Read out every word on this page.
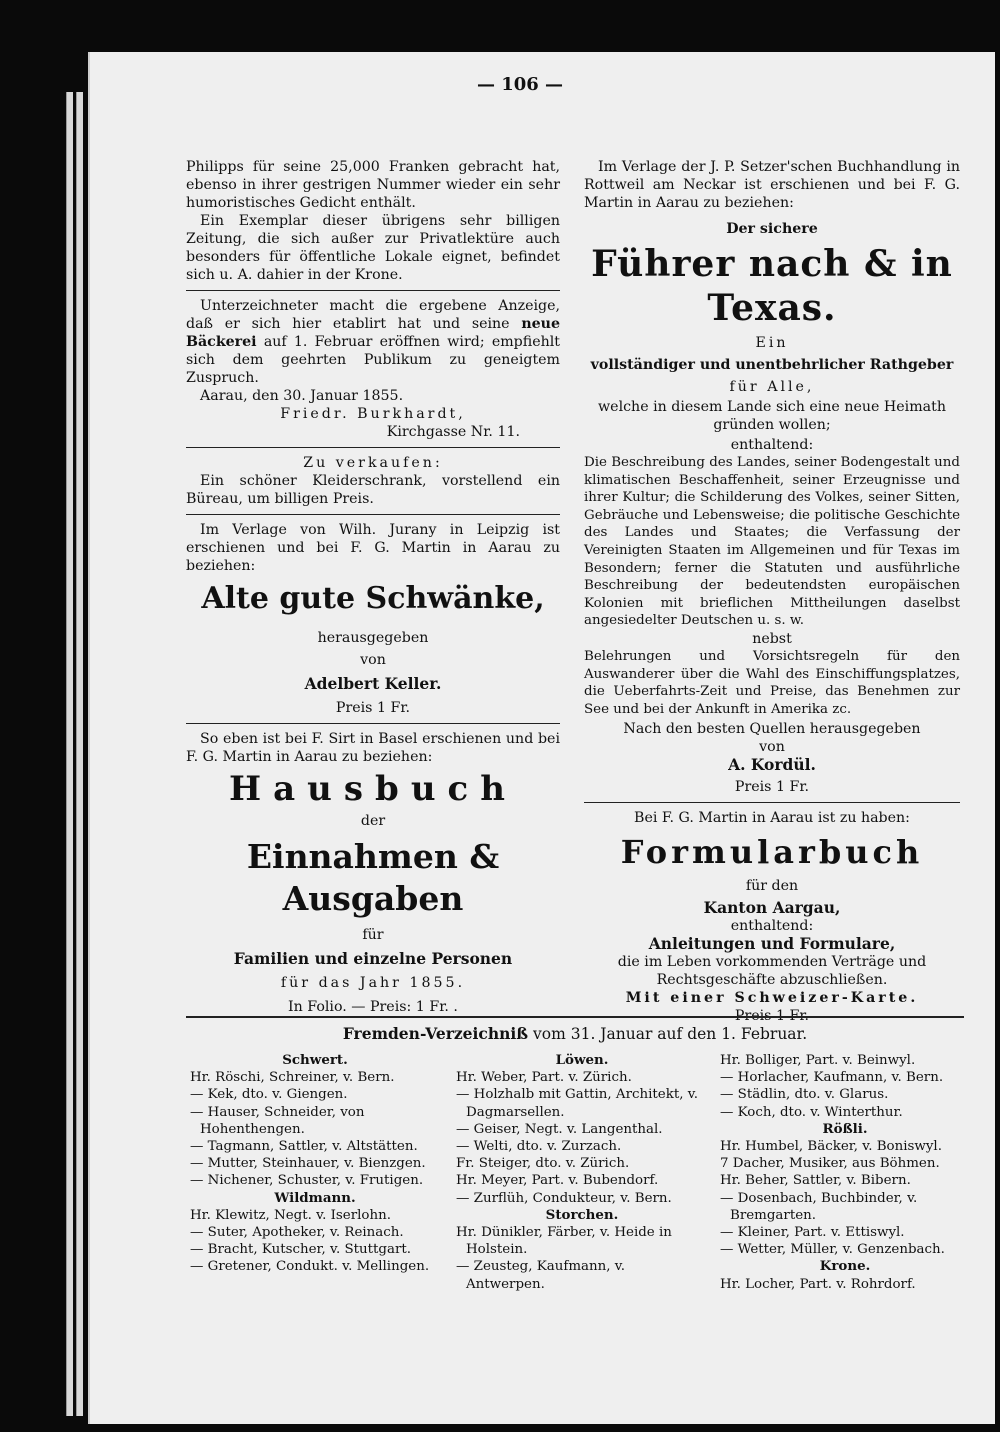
— 106 —

Philipps für seine 25,000 Franken gebracht hat, ebenso in ihrer gestrigen Nummer wieder ein sehr humoristisches Gedicht enthält.

Ein Exemplar dieser übrigens sehr billigen Zeitung, die sich außer zur Privatlektüre auch besonders für öffentliche Lokale eignet, befindet sich u. A. dahier in der Krone.

Unterzeichneter macht die ergebene Anzeige, daß er sich hier etablirt hat und seine neue Bäckerei auf 1. Februar eröffnen wird; empfiehlt sich dem geehrten Publikum zu geneigtem Zuspruch.

Aarau, den 30. Januar 1855.

Friedr. Burkhardt,

Kirchgasse Nr. 11.

Zu verkaufen:

Ein schöner Kleiderschrank, vorstellend ein Büreau, um billigen Preis.

Im Verlage von Wilh. Jurany in Leipzig ist erschienen und bei F. G. Martin in Aarau zu beziehen:

Alte gute Schwänke,

herausgegeben

von

Adelbert Keller.

Preis 1 Fr.

So eben ist bei F. Sirt in Basel erschienen und bei F. G. Martin in Aarau zu beziehen:

Hausbuch

der

Einnahmen & Ausgaben

für

Familien und einzelne Personen

für das Jahr 1855.

In Folio. — Preis: 1 Fr. .

Im Verlage der J. P. Setzer'schen Buchhandlung in Rottweil am Neckar ist erschienen und bei F. G. Martin in Aarau zu beziehen:

Der sichere

Führer nach & in Texas.

Ein

vollständiger und unentbehrlicher Rathgeber

für Alle,

welche in diesem Lande sich eine neue Heimath gründen wollen;

enthaltend:

Die Beschreibung des Landes, seiner Bodengestalt und klimatischen Beschaffenheit, seiner Erzeugnisse und ihrer Kultur; die Schilderung des Volkes, seiner Sitten, Gebräuche und Lebensweise; die politische Geschichte des Landes und Staates; die Verfassung der Vereinigten Staaten im Allgemeinen und für Texas im Besondern; ferner die Statuten und ausführliche Beschreibung der bedeutendsten europäischen Kolonien mit brieflichen Mittheilungen daselbst angesiedelter Deutschen u. s. w.

nebst

Belehrungen und Vorsichtsregeln für den Auswanderer über die Wahl des Einschiffungsplatzes, die Ueberfahrts-Zeit und Preise, das Benehmen zur See und bei der Ankunft in Amerika zc.

Nach den besten Quellen herausgegeben

von

A. Kordül.

Preis 1 Fr.

Bei F. G. Martin in Aarau ist zu haben:

Formularbuch

für den

Kanton Aargau,

enthaltend:

Anleitungen und Formulare,

die im Leben vorkommenden Verträge und Rechtsgeschäfte abzuschließen.

Mit einer Schweizer-Karte.

Preis 1 Fr.

Fremden-Verzeichniß vom 31. Januar auf den 1. Februar.
Schwert.
Hr. Röschi, Schreiner, v. Bern.
— Kek, dto. v. Giengen.
— Hauser, Schneider, von Hohenthengen.
— Tagmann, Sattler, v. Altstätten.
— Mutter, Steinhauer, v. Bienzgen.
— Nichener, Schuster, v. Frutigen.
Wildmann.
Hr. Klewitz, Negt. v. Iserlohn.
— Suter, Apotheker, v. Reinach.
— Bracht, Kutscher, v. Stuttgart.
— Gretener, Condukt. v. Mellingen.
Löwen.
Hr. Weber, Part. v. Zürich.
— Holzhalb mit Gattin, Architekt, v. Dagmarsellen.
— Geiser, Negt. v. Langenthal.
— Welti, dto. v. Zurzach.
Fr. Steiger, dto. v. Zürich.
Hr. Meyer, Part. v. Bubendorf.
— Zurflüh, Condukteur, v. Bern.
Storchen.
Hr. Dünikler, Färber, v. Heide in Holstein.
— Zeusteg, Kaufmann, v. Antwerpen.
Hr. Bolliger, Part. v. Beinwyl.
— Horlacher, Kaufmann, v. Bern.
— Städlin, dto. v. Glarus.
— Koch, dto. v. Winterthur.
Rößli.
Hr. Humbel, Bäcker, v. Boniswyl.
7 Dacher, Musiker, aus Böhmen.
Hr. Beher, Sattler, v. Bibern.
— Dosenbach, Buchbinder, v. Bremgarten.
— Kleiner, Part. v. Ettiswyl.
— Wetter, Müller, v. Genzenbach.
Krone.
Hr. Locher, Part. v. Rohrdorf.
